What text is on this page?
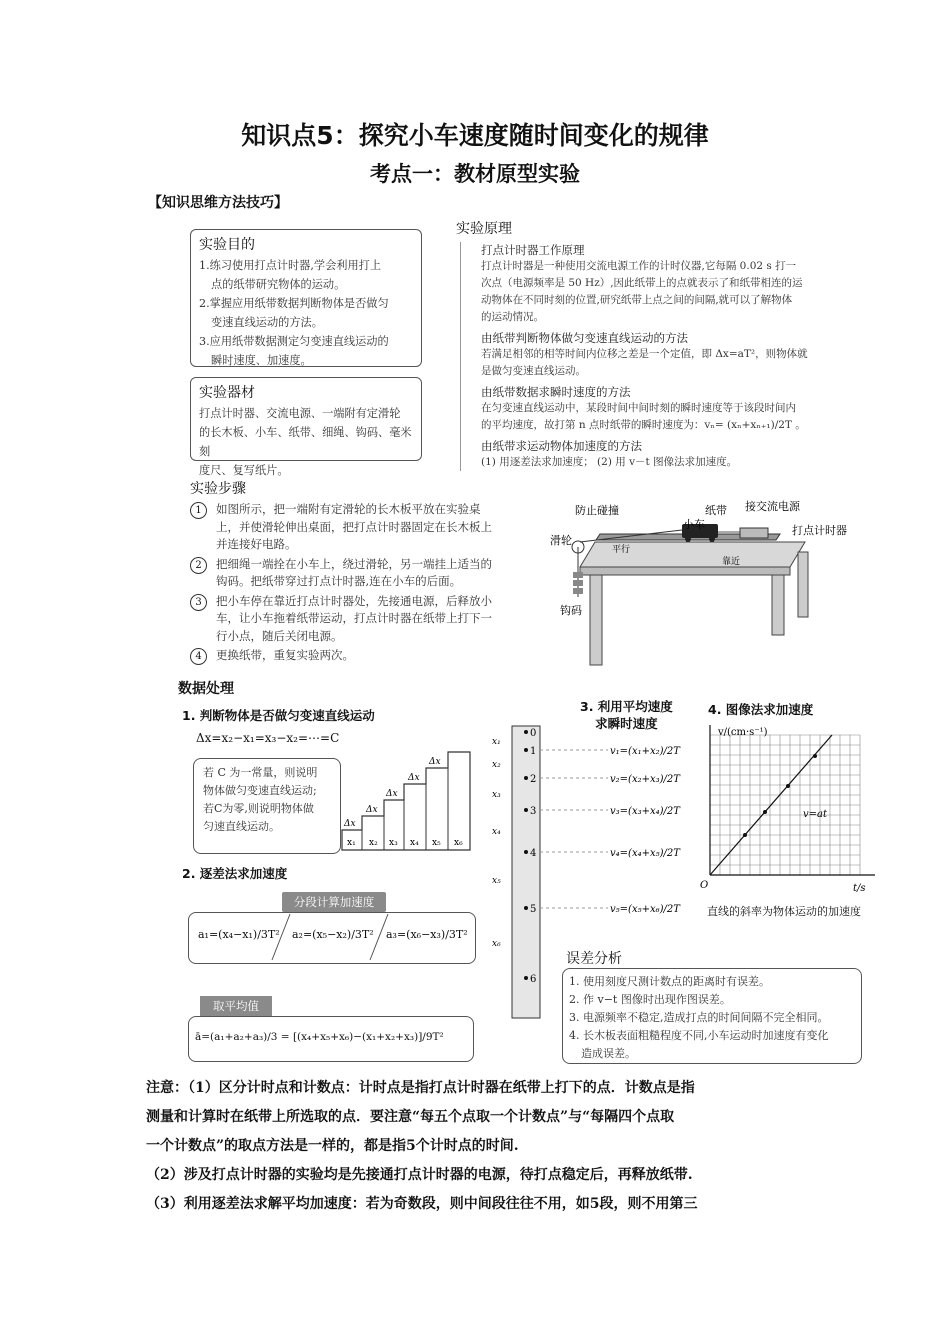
知识点5：探究小车速度随时间变化的规律
考点一：教材原型实验
【知识思维方法技巧】
实验目的

1.练习使用打点计时器,学会利用打上

点的纸带研究物体的运动。

2.掌握应用纸带数据判断物体是否做匀

变速直线运动的方法。

3.应用纸带数据测定匀变速直线运动的

瞬时速度、加速度。

实验器材

打点计时器、交流电源、一端附有定滑轮

的长木板、小车、纸带、细绳、钩码、毫米刻

度尺、复写纸片。

实验原理
打点计时器工作原理

打点计时器是一种使用交流电源工作的计时仪器,它每隔 0.02 s 打一

次点（电源频率是 50 Hz）,因此纸带上的点就表示了和纸带相连的运

动物体在不同时刻的位置,研究纸带上点之间的间隔,就可以了解物体

的运动情况。

由纸带判断物体做匀变速直线运动的方法

若满足相邻的相等时间内位移之差是一个定值，即 Δx=aT²，则物体就

是做匀变速直线运动。

由纸带数据求瞬时速度的方法

在匀变速直线运动中，某段时间中间时刻的瞬时速度等于该段时间内

的平均速度，故打第 n 点时纸带的瞬时速度为：vₙ= (xₙ+xₙ₊₁)/2T 。

由纸带求运动物体加速度的方法

(1) 用逐差法求加速度； (2) 用 v－t 图像法求加速度。

实验步骤
1	如图所示，把一端附有定滑轮的长木板平放在实验桌
上，并使滑轮伸出桌面，把打点计时器固定在长木板上
并连接好电路。
2	把细绳一端拴在小车上，绕过滑轮，另一端挂上适当的
钩码。把纸带穿过打点计时器,连在小车的后面。
3	把小车停在靠近打点计时器处，先接通电源，后释放小
车，让小车拖着纸带运动，打点计时器在纸带上打下一
行小点，随后关闭电源。
4	更换纸带，重复实验两次。
防止碰撞	纸带 接交流电源
小车
滑轮
平行
靠近
打点计时器
钩码
数据处理
1. 判断物体是否做匀变速直线运动
Δx=x₂−x₁=x₃−x₂=⋯=C
若 C 为一常量，则说明
物体做匀变速直线运动;
若C为零,则说明物体做
匀速直线运动。
x₁ x₂ x₃ x₄ x₅ x₆
Δx
Δx
Δx
Δx
Δx
2. 逐差法求加速度
分段计算加速度
a₁=(x₄−x₁)/3T² a₂=(x₅−x₂)/3T² a₃=(x₆−x₃)/3T²
取平均值
ā=(a₁+a₂+a₃)/3 = [(x₄+x₅+x₆)−(x₁+x₂+x₃)]/9T²
3. 利用平均速度
求瞬时速度
0
1
2
3
4
5
6
x₁
x₂
x₃
x₄
x₅
x₆
v₁=(x₁+x₂)/2T
v₂=(x₂+x₃)/2T
v₃=(x₃+x₄)/2T
v₄=(x₄+x₅)/2T
v₅=(x₅+x₆)/2T
4. 图像法求加速度
v/(cm·s⁻¹)
t/s
O
v=at
直线的斜率为物体运动的加速度
误差分析
1. 使用刻度尺测计数点的距离时有误差。
2. 作 v−t 图像时出现作图误差。
3. 电源频率不稳定,造成打点的时间间隔不完全相同。
4. 长木板表面粗糙程度不同,小车运动时加速度有变化
造成误差。
注意：（1）区分计时点和计数点：计时点是指打点计时器在纸带上打下的点．计数点是指
测量和计算时在纸带上所选取的点．要注意“每五个点取一个计数点”与“每隔四个点取
一个计数点”的取点方法是一样的，都是指5个计时点的时间.
（2）涉及打点计时器的实验均是先接通打点计时器的电源，待打点稳定后，再释放纸带.
（3）利用逐差法求解平均加速度：若为奇数段，则中间段往往不用，如5段，则不用第三
